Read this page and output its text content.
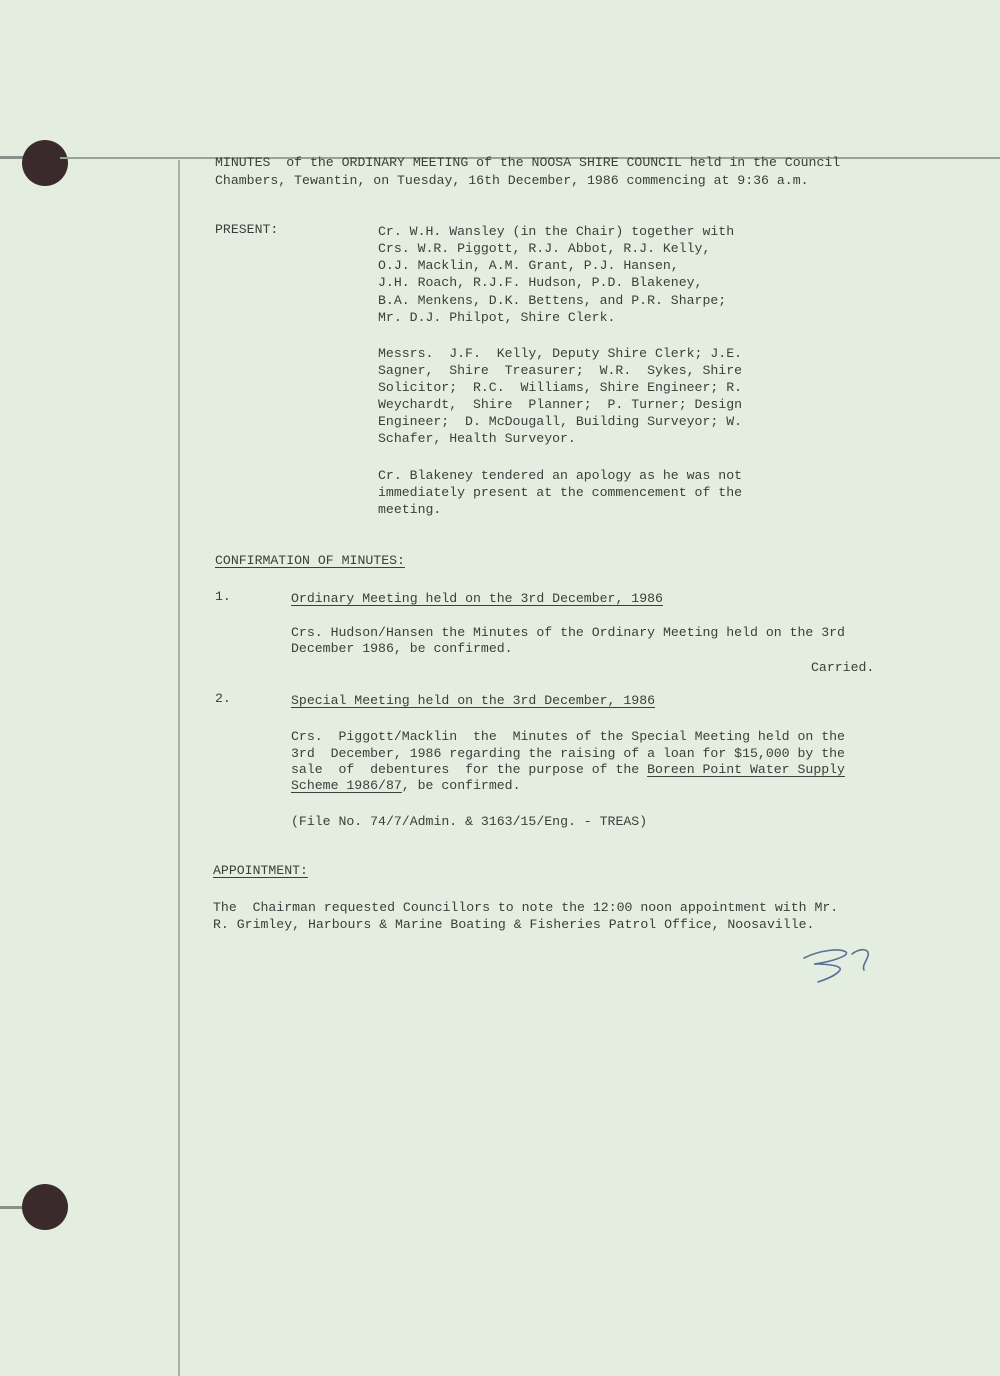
MINUTES  of the ORDINARY MEETING of the NOOSA SHIRE COUNCIL held in the Council
Chambers, Tewantin, on Tuesday, 16th December, 1986 commencing at 9:36 a.m.
PRESENT:	Cr. W.H. Wansley (in the Chair) together with
Crs. W.R. Piggott, R.J. Abbot, R.J. Kelly,
O.J. Macklin, A.M. Grant, P.J. Hansen,
J.H. Roach, R.J.F. Hudson, P.D. Blakeney,
B.A. Menkens, D.K. Bettens, and P.R. Sharpe;
Mr. D.J. Philpot, Shire Clerk.
Messrs.  J.F.  Kelly, Deputy Shire Clerk; J.E.
Sagner,  Shire  Treasurer;  W.R.  Sykes, Shire
Solicitor;  R.C.  Williams, Shire Engineer; R.
Weychardt,  Shire  Planner;  P. Turner; Design
Engineer;  D. McDougall, Building Surveyor; W.
Schafer, Health Surveyor.
Cr. Blakeney tendered an apology as he was not
immediately present at the commencement of the
meeting.
CONFIRMATION OF MINUTES:
1.	Ordinary Meeting held on the 3rd December, 1986
Crs. Hudson/Hansen the Minutes of the Ordinary Meeting held on the 3rd
December 1986, be confirmed.
Carried.
2.	Special Meeting held on the 3rd December, 1986
Crs.  Piggott/Macklin  the  Minutes of the Special Meeting held on the
3rd  December, 1986 regarding the raising of a loan for $15,000 by the
sale  of  debentures  for the purpose of the Boreen Point Water Supply
Scheme 1986/87, be confirmed.
(File No. 74/7/Admin. & 3163/15/Eng. - TREAS)
APPOINTMENT:
The  Chairman requested Councillors to note the 12:00 noon appointment with Mr.
R. Grimley, Harbours & Marine Boating & Fisheries Patrol Office, Noosaville.
